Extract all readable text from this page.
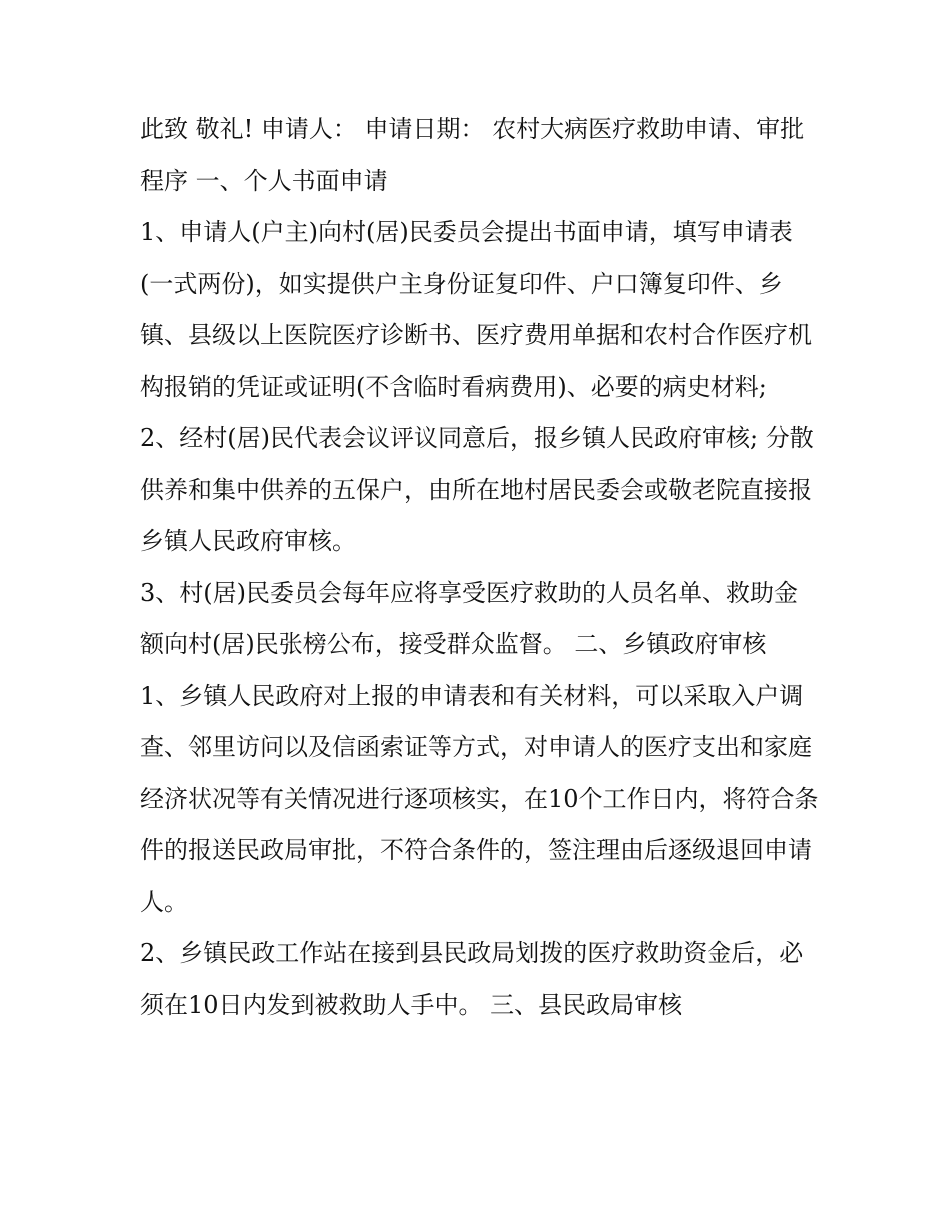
此致 敬礼! 申请人： 申请日期： 农村大病医疗救助申请、审批程序 一、个人书面申请

1、申请人(户主)向村(居)民委员会提出书面申请，填写申请表(一式两份)，如实提供户主身份证复印件、户口簿复印件、乡镇、县级以上医院医疗诊断书、医疗费用单据和农村合作医疗机构报销的凭证或证明(不含临时看病费用)、必要的病史材料;

2、经村(居)民代表会议评议同意后，报乡镇人民政府审核; 分散供养和集中供养的五保户，由所在地村居民委会或敬老院直接报乡镇人民政府审核。

3、村(居)民委员会每年应将享受医疗救助的人员名单、救助金额向村(居)民张榜公布，接受群众监督。 二、乡镇政府审核

1、乡镇人民政府对上报的申请表和有关材料，可以采取入户调查、邻里访问以及信函索证等方式，对申请人的医疗支出和家庭经济状况等有关情况进行逐项核实，在10个工作日内，将符合条件的报送民政局审批，不符合条件的，签注理由后逐级退回申请人。

2、乡镇民政工作站在接到县民政局划拨的医疗救助资金后，必须在10日内发到被救助人手中。 三、县民政局审核
